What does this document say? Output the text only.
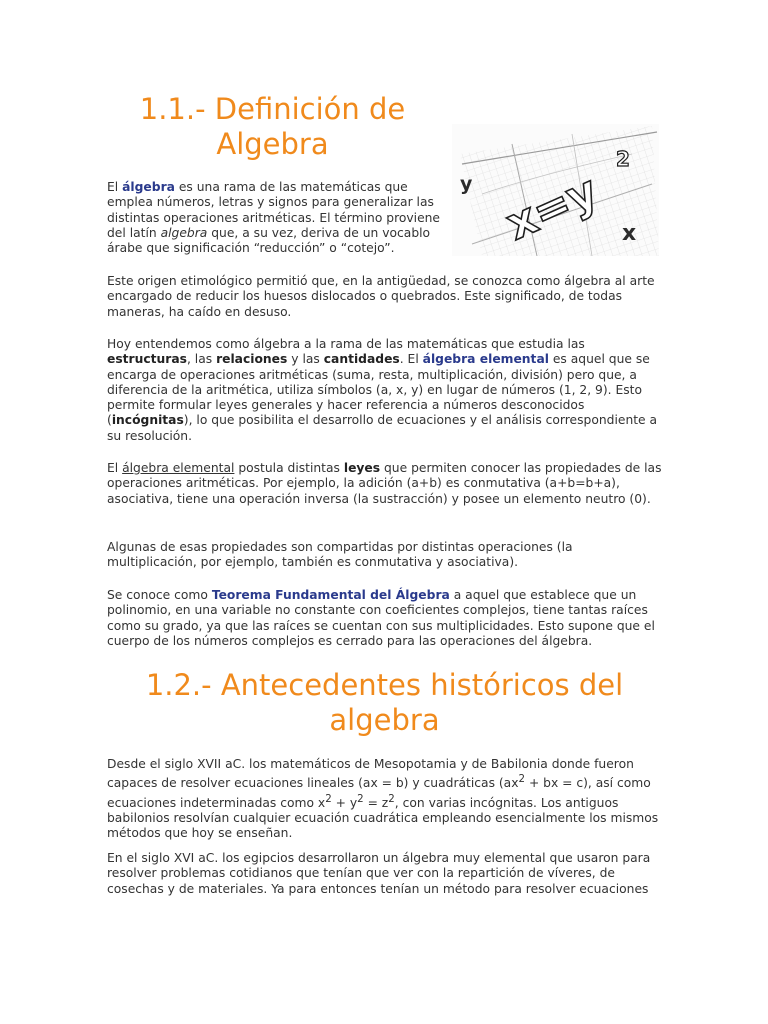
1.1.- Definición de
Algebra
y x=y
2
x

El álgebra es una rama de las matemáticas que emplea números, letras y signos para generalizar las distintas operaciones aritméticas. El término proviene del latín algebra que, a su vez, deriva de un vocablo árabe que significación “reducción” o “cotejo”.

Este origen etimológico permitió que, en la antigüedad, se conozca como álgebra al arte encargado de reducir los huesos dislocados o quebrados. Este significado, de todas maneras, ha caído en desuso.

Hoy entendemos como álgebra a la rama de las matemáticas que estudia las estructuras, las relaciones y las cantidades. El álgebra elemental es aquel que se encarga de operaciones aritméticas (suma, resta, multiplicación, división) pero que, a diferencia de la aritmética, utiliza símbolos (a, x, y) en lugar de números (1, 2, 9). Esto permite formular leyes generales y hacer referencia a números desconocidos (incógnitas), lo que posibilita el desarrollo de ecuaciones y el análisis correspondiente a su resolución.

El álgebra elemental postula distintas leyes que permiten conocer las propiedades de las operaciones aritméticas. Por ejemplo, la adición (a+b) es conmutativa (a+b=b+a), asociativa, tiene una operación inversa (la sustracción) y posee un elemento neutro (0).

Algunas de esas propiedades son compartidas por distintas operaciones (la multiplicación, por ejemplo, también es conmutativa y asociativa).

Se conoce como Teorema Fundamental del Álgebra a aquel que establece que un polinomio, en una variable no constante con coeficientes complejos, tiene tantas raíces como su grado, ya que las raíces se cuentan con sus multiplicidades. Esto supone que el cuerpo de los números complejos es cerrado para las operaciones del álgebra.

1.2.- Antecedentes históricos del
algebra

Desde el siglo XVII aC. los matemáticos de Mesopotamia y de Babilonia donde fueron capaces de resolver ecuaciones lineales (ax = b) y cuadráticas ($ax^2$ + bx = c), así como ecuaciones indeterminadas como $x^2 + y^2 = z^2$, con varias incógnitas. Los antiguos babilonios resolvían cualquier ecuación cuadrática empleando esencialmente los mismos métodos que hoy se enseñan.

En el siglo XVI aC. los egipcios desarrollaron un álgebra muy elemental que usaron para resolver problemas cotidianos que tenían que ver con la repartición de víveres, de cosechas y de materiales. Ya para entonces tenían un método para resolver ecuaciones
